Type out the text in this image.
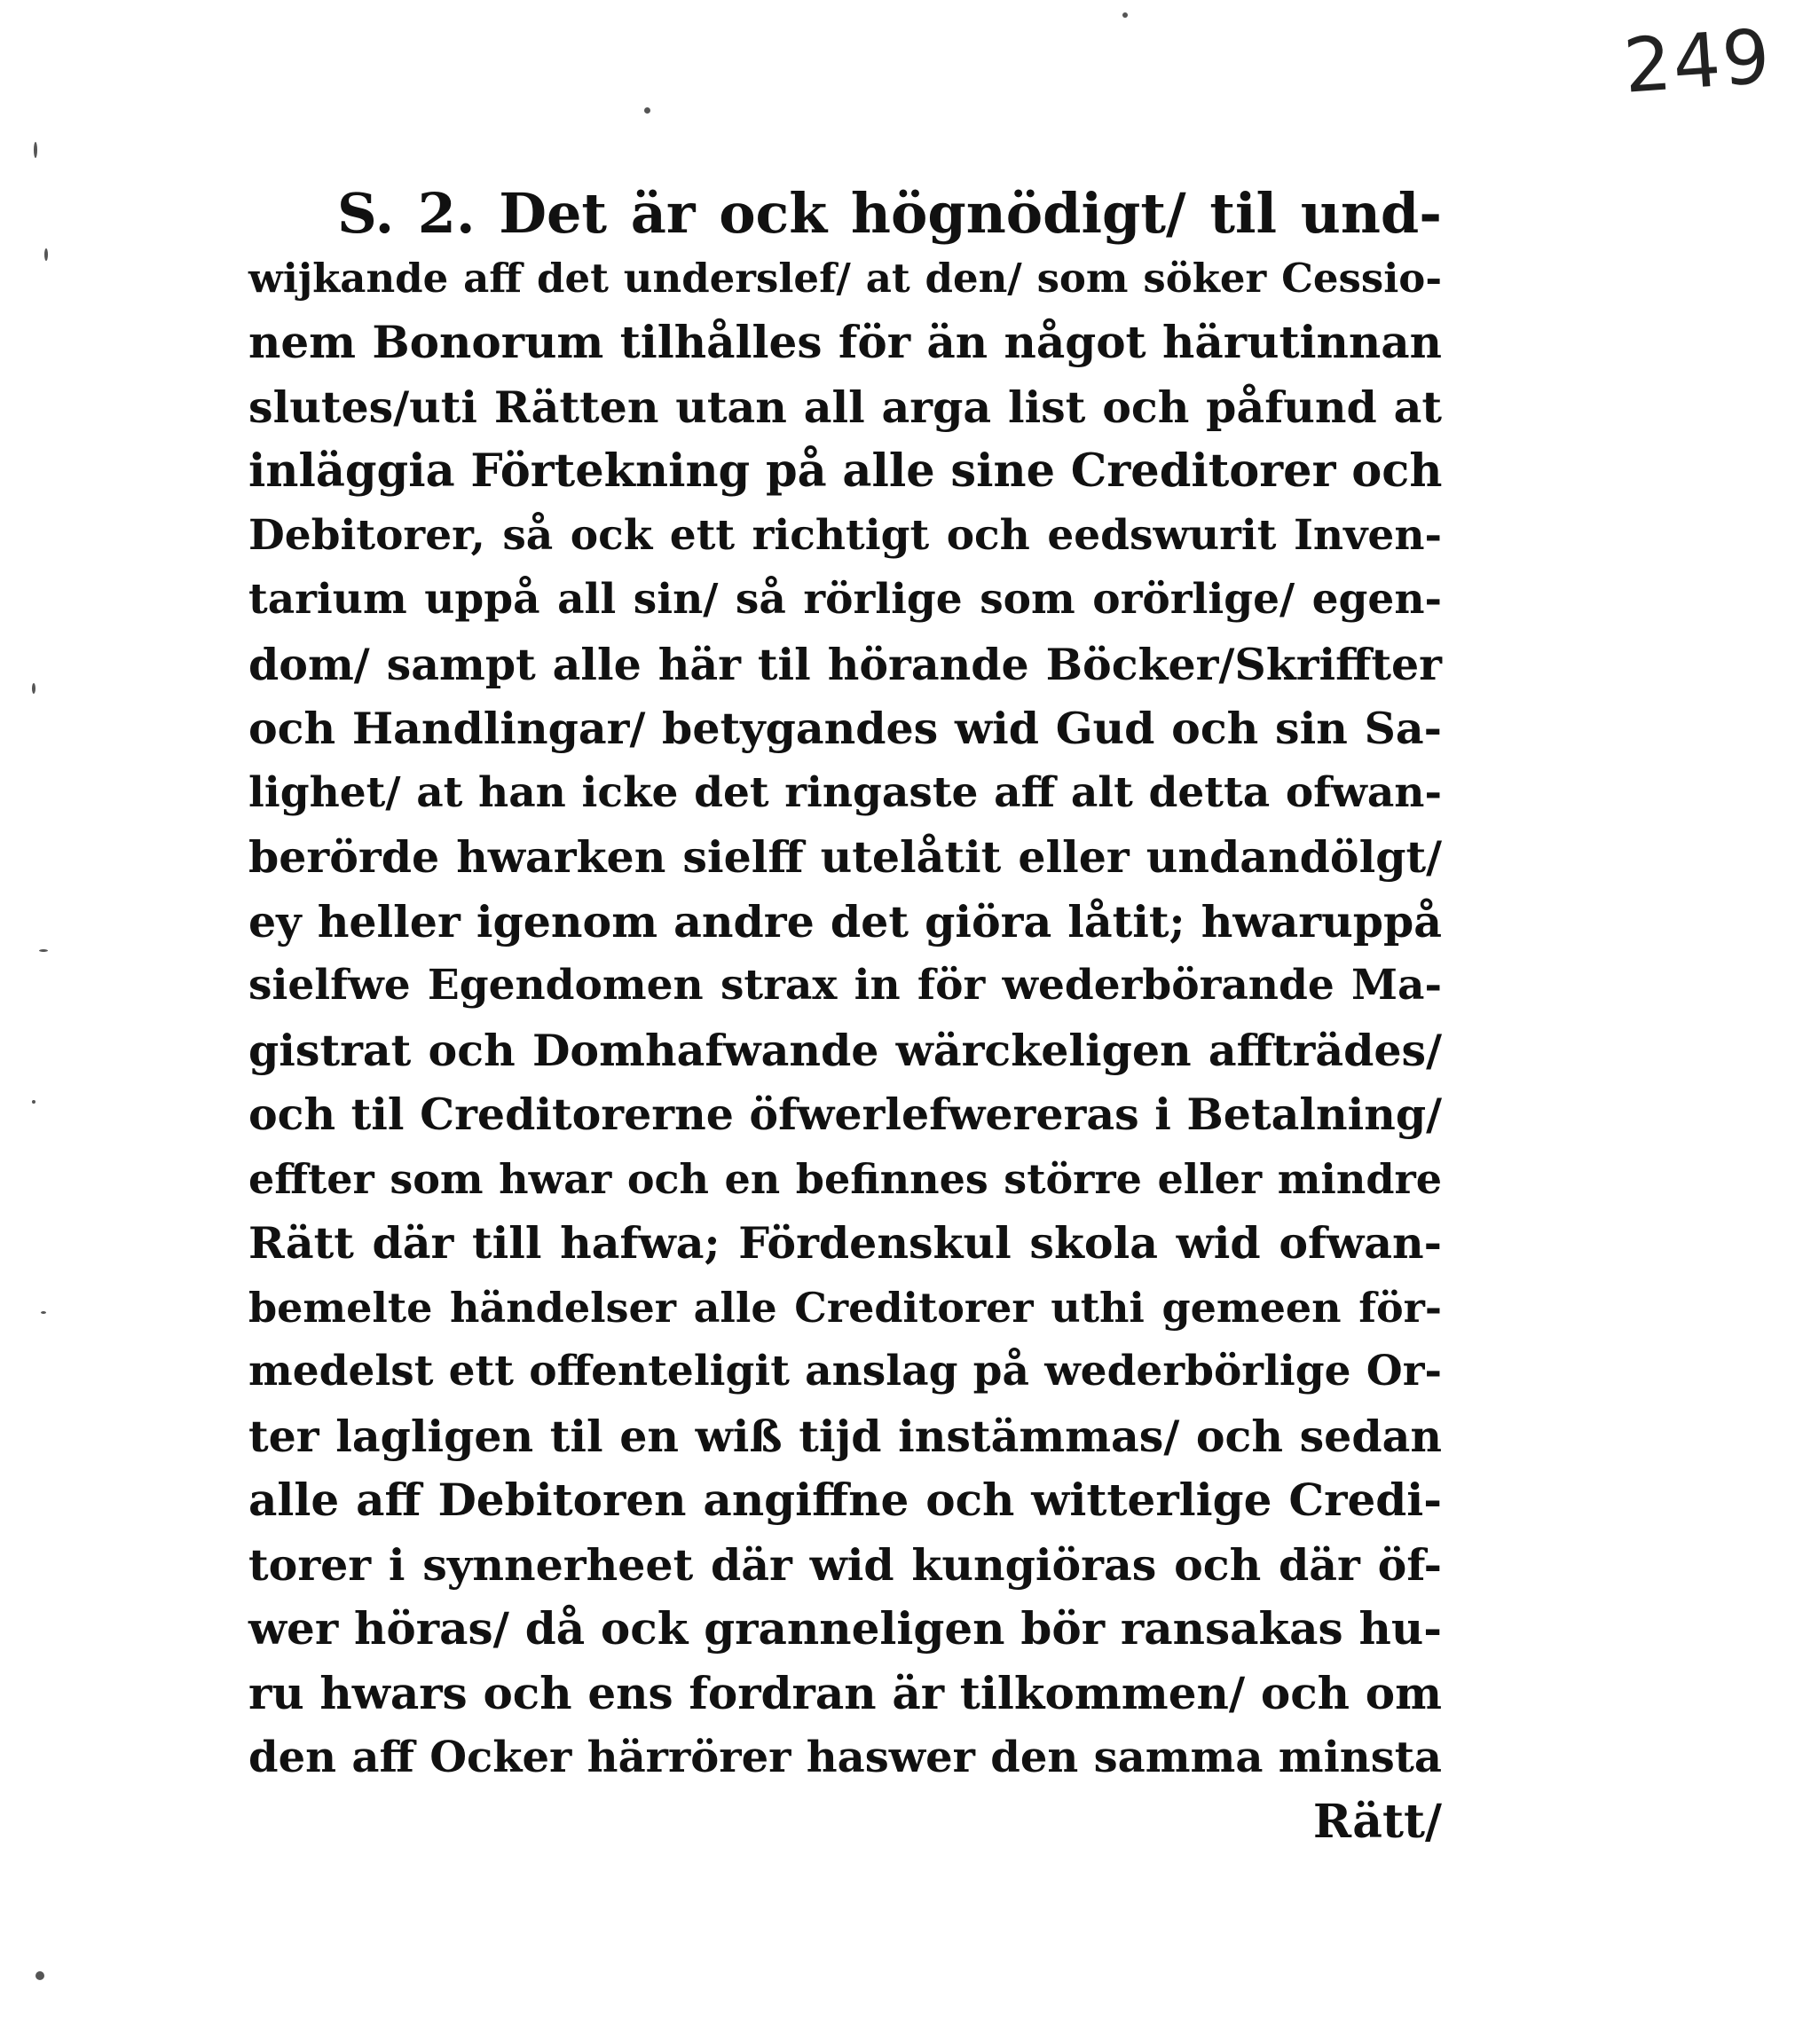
249
S. 2. Det är ock högnödigt/ til und-
wijkande aff det underslef/ at den/ som söker Cessio-
nem Bonorum tilhålles för än något härutinnan
slutes/uti Rätten utan all arga list och påfund at
inläggia Förtekning på alle sine Creditorer och
Debitorer, så ock ett richtigt och eedswurit Inven-
tarium uppå all sin/ så rörlige som orörlige/ egen-
dom/ sampt alle här til hörande Böcker/Skriffter
och Handlingar/ betygandes wid Gud och sin Sa-
lighet/ at han icke det ringaste aff alt detta ofwan-
berörde hwarken sielff utelåtit eller undandölgt/
ey heller igenom andre det giöra låtit; hwaruppå
sielfwe Egendomen strax in för wederbörande Ma-
gistrat och Domhafwande wärckeligen affträdes/
och til Creditorerne öfwerlefwereras i Betalning/
effter som hwar och en befinnes större eller mindre
Rätt där till hafwa; Fördenskul skola wid ofwan-
bemelte händelser alle Creditorer uthi gemeen för-
medelst ett offenteligit anslag på wederbörlige Or-
ter lagligen til en wiß tijd instämmas/ och sedan
alle aff Debitoren angiffne och witterlige Credi-
torer i synnerheet där wid kungiöras och där öf-
wer höras/ då ock granneligen bör ransakas hu-
ru hwars och ens fordran är tilkommen/ och om
den aff Ocker härrörer haswer den samma minsta
Rätt/
